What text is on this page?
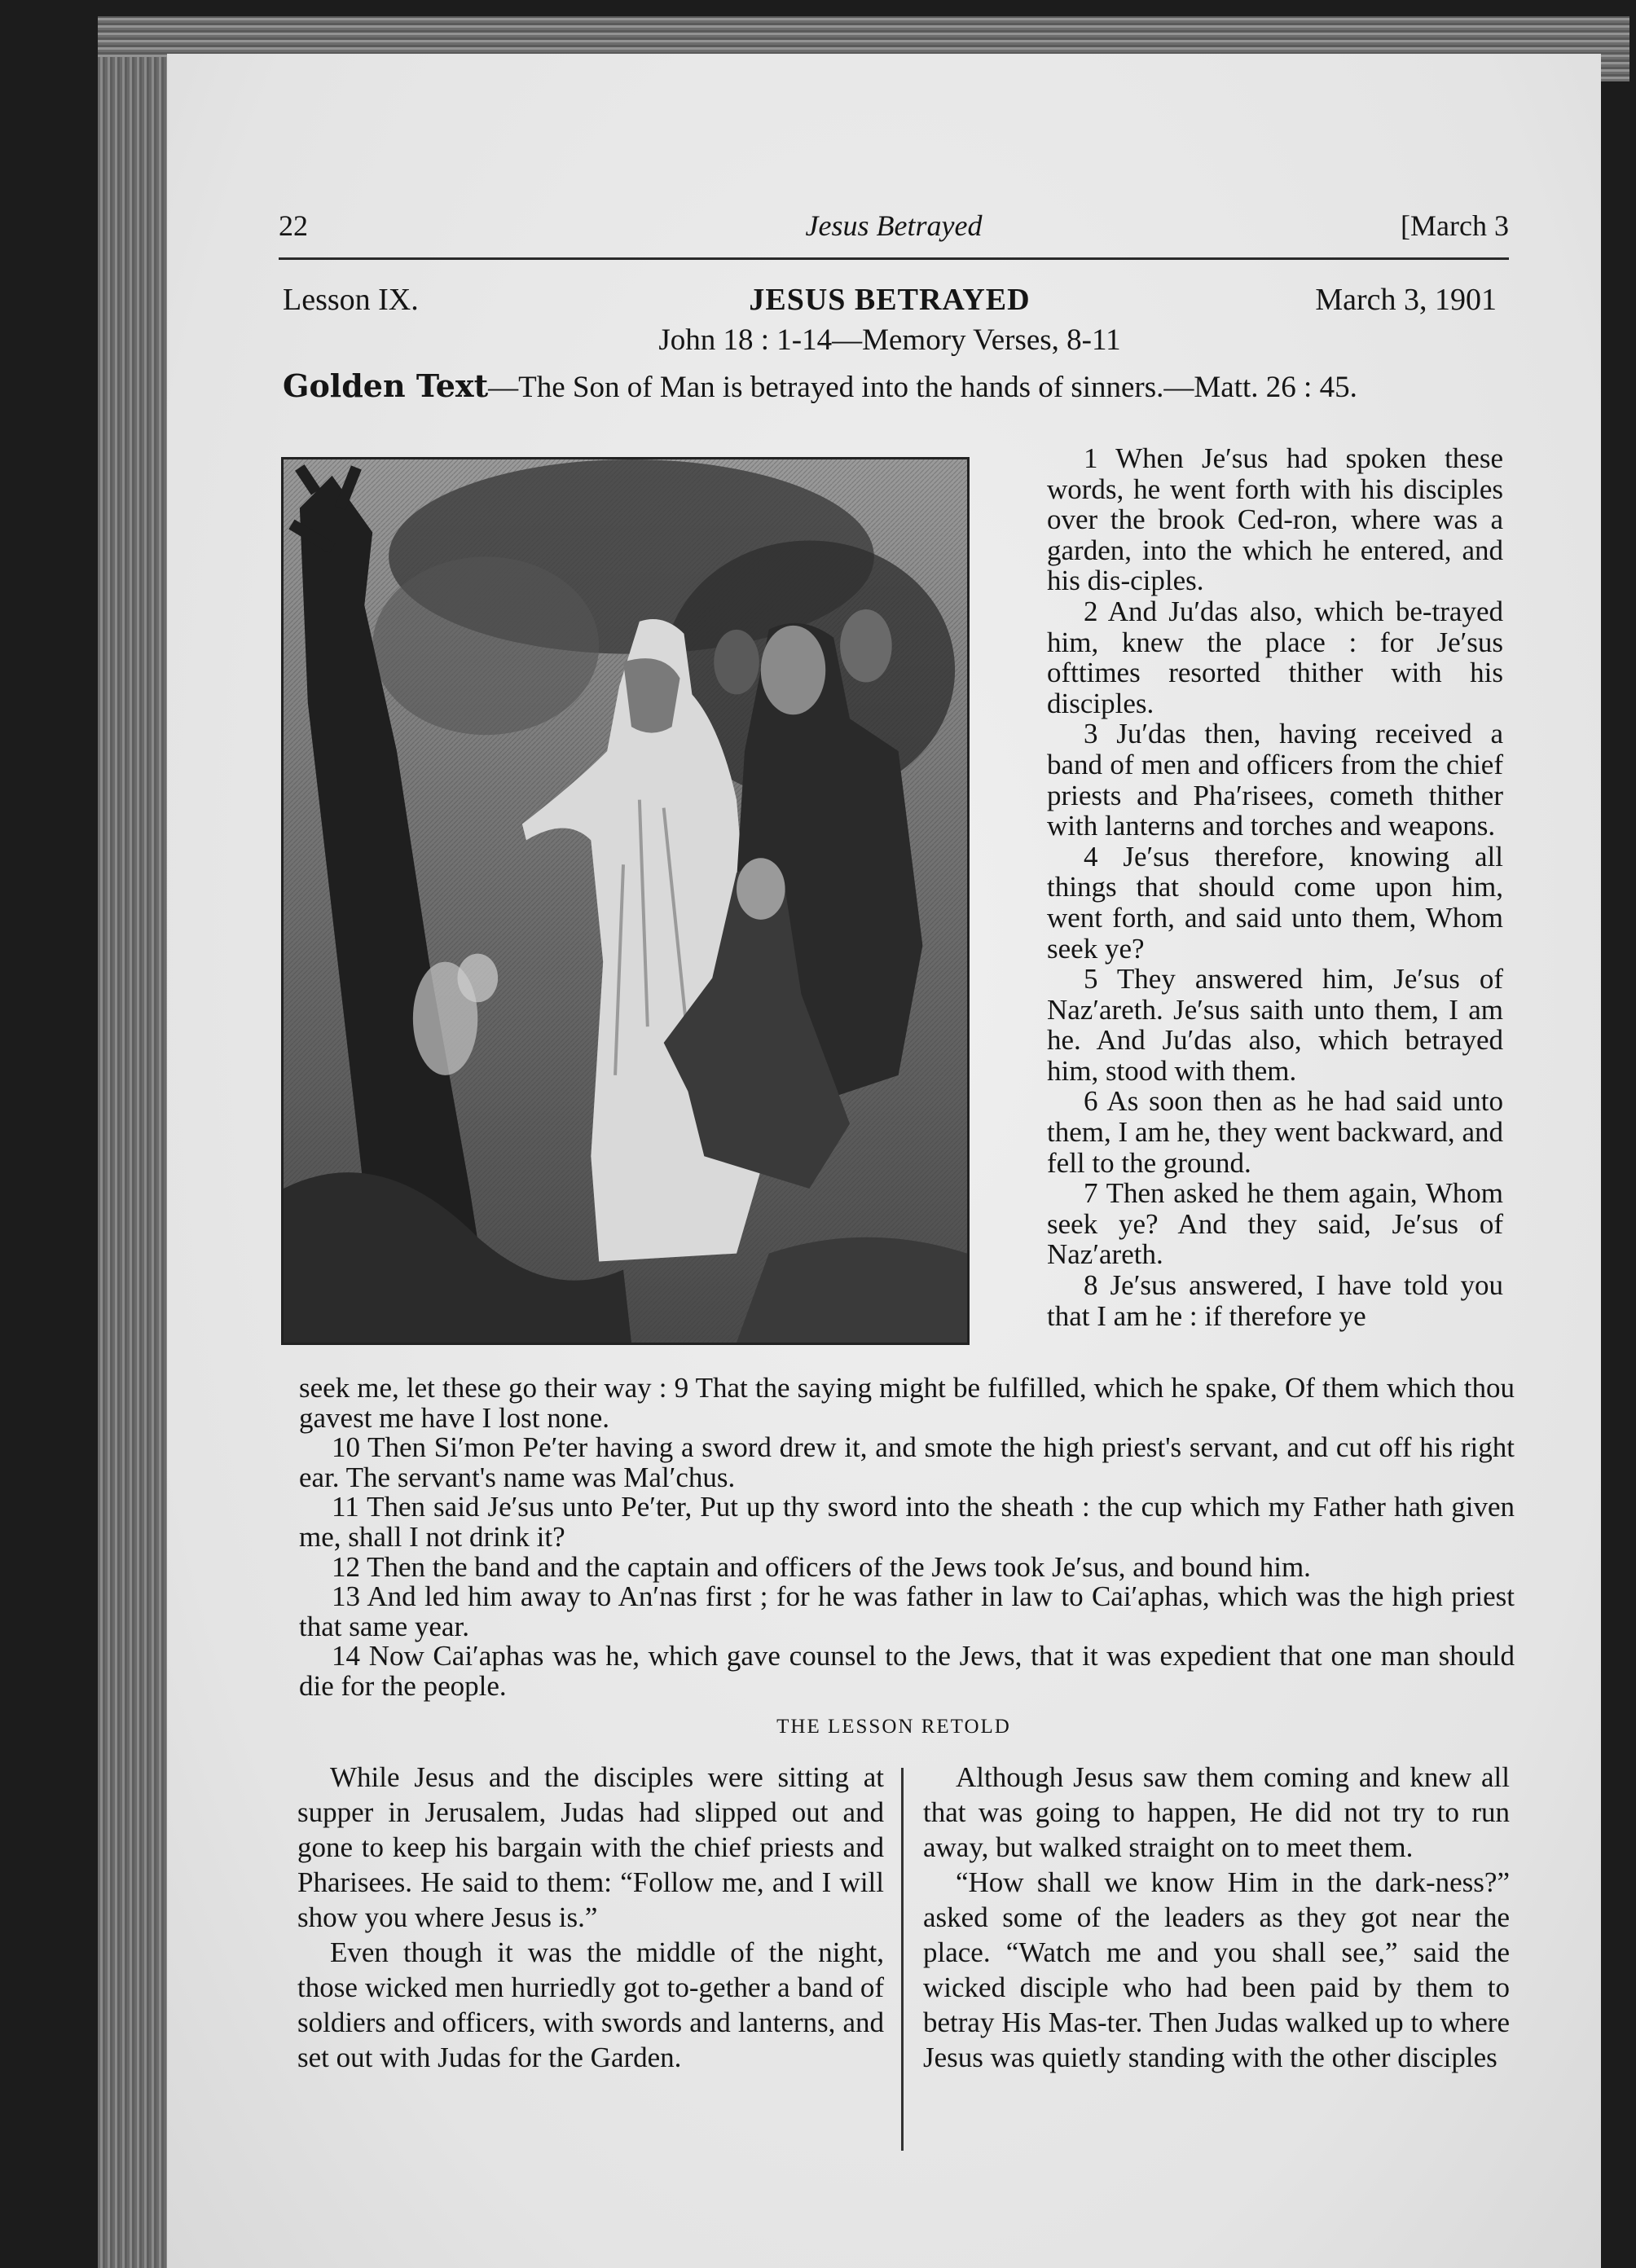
22	Jesus Betrayed	[March 3
Lesson IX.	JESUS BETRAYED	March 3, 1901
John 18 : 1-14—Memory Verses, 8-11
Golden Text—The Son of Man is betrayed into the hands of sinners.—Matt. 26 : 45.

1 When Je′sus had spoken these words, he went forth with his disciples over the brook Ced-ron, where was a garden, into the which he entered, and his dis-ciples.

2 And Ju′das also, which be-trayed him, knew the place : for Je′sus ofttimes resorted thither with his disciples.

3 Ju′das then, having received a band of men and officers from the chief priests and Pha′risees, cometh thither with lanterns and torches and weapons.

4 Je′sus therefore, knowing all things that should come upon him, went forth, and said unto them, Whom seek ye?

5 They answered him, Je′sus of Naz′areth. Je′sus saith unto them, I am he. And Ju′das also, which betrayed him, stood with them.

6 As soon then as he had said unto them, I am he, they went backward, and fell to the ground.

7 Then asked he them again, Whom seek ye? And they said, Je′sus of Naz′areth.

8 Je′sus answered, I have told you that I am he : if therefore ye

seek me, let these go their way : 9 That the saying might be fulfilled, which he spake, Of them which thou gavest me have I lost none.

10 Then Si′mon Pe′ter having a sword drew it, and smote the high priest's servant, and cut off his right ear. The servant's name was Mal′chus.

11 Then said Je′sus unto Pe′ter, Put up thy sword into the sheath : the cup which my Father hath given me, shall I not drink it?

12 Then the band and the captain and officers of the Jews took Je′sus, and bound him.

13 And led him away to An′nas first ; for he was father in law to Cai′aphas, which was the high priest that same year.

14 Now Cai′aphas was he, which gave counsel to the Jews, that it was expedient that one man should die for the people.

THE LESSON RETOLD

While Jesus and the disciples were sitting at supper in Jerusalem, Judas had slipped out and gone to keep his bargain with the chief priests and Pharisees. He said to them: “Follow me, and I will show you where Jesus is.”

Even though it was the middle of the night, those wicked men hurriedly got to-gether a band of soldiers and officers, with swords and lanterns, and set out with Judas for the Garden.

Although Jesus saw them coming and knew all that was going to happen, He did not try to run away, but walked straight on to meet them.

“How shall we know Him in the dark-ness?” asked some of the leaders as they got near the place. “Watch me and you shall see,” said the wicked disciple who had been paid by them to betray His Mas-ter. Then Judas walked up to where Jesus was quietly standing with the other disciples
